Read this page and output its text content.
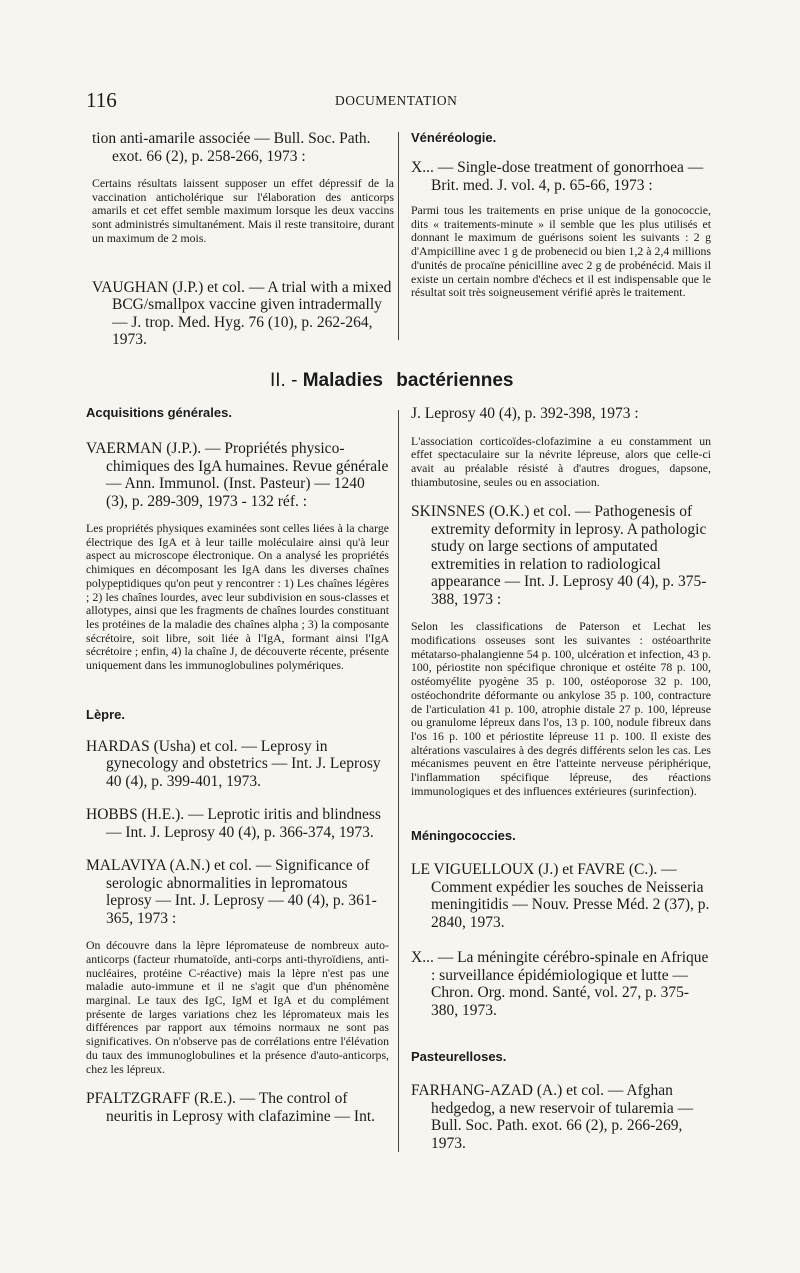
116	DOCUMENTATION

tion anti-amarile associée — Bull. Soc. Path. exot. 66 (2), p. 258-266, 1973 :

Certains résultats laissent supposer un effet dépressif de la vaccination anticholérique sur l'élaboration des anticorps amarils et cet effet semble maximum lorsque les deux vaccins sont administrés simultanément. Mais il reste transitoire, durant un maximum de 2 mois.

VAUGHAN (J.P.) et col. — A trial with a mixed BCG/smallpox vaccine given intradermally — J. trop. Med. Hyg. 76 (10), p. 262-264, 1973.

Vénéréologie.

X... — Single-dose treatment of gonorrhoea — Brit. med. J. vol. 4, p. 65-66, 1973 :

Parmi tous les traitements en prise unique de la gonococcie, dits « traitements-minute » il semble que les plus utilisés et donnant le maximum de guérisons soient les suivants : 2 g d'Ampicilline avec 1 g de probenecid ou bien 1,2 à 2,4 millions d'unités de procaïne pénicilline avec 2 g de probénécid. Mais il existe un certain nombre d'échecs et il est indispensable que le résultat soit très soigneusement vérifié après le traitement.

II. - Maladies bactériennes

Acquisitions générales.

VAERMAN (J.P.). — Propriétés physico-chimiques des IgA humaines. Revue générale — Ann. Immunol. (Inst. Pasteur) — 1240 (3), p. 289-309, 1973 - 132 réf. :

Les propriétés physiques examinées sont celles liées à la charge électrique des IgA et à leur taille moléculaire ainsi qu'à leur aspect au microscope électronique. On a analysé les propriétés chimiques en décomposant les IgA dans les diverses chaînes polypeptidiques qu'on peut y rencontrer : 1) Les chaînes légères ; 2) les chaînes lourdes, avec leur subdivision en sous-classes et allotypes, ainsi que les fragments de chaînes lourdes constituant les protéines de la maladie des chaînes alpha ; 3) la composante sécrétoire, soit libre, soit liée à l'IgA, formant ainsi l'IgA sécrétoire ; enfin, 4) la chaîne J, de découverte récente, présente uniquement dans les immunoglobulines polymériques.

Lèpre.

HARDAS (Usha) et col. — Leprosy in gynecology and obstetrics — Int. J. Leprosy 40 (4), p. 399-401, 1973.

HOBBS (H.E.). — Leprotic iritis and blindness — Int. J. Leprosy 40 (4), p. 366-374, 1973.

MALAVIYA (A.N.) et col. — Significance of serologic abnormalities in lepromatous leprosy — Int. J. Leprosy — 40 (4), p. 361-365, 1973 :

On découvre dans la lèpre lépromateuse de nombreux auto-anticorps (facteur rhumatoïde, anti-corps anti-thyroïdiens, anti-nucléaires, protéine C-réactive) mais la lèpre n'est pas une maladie auto-immune et il ne s'agit que d'un phénomène marginal. Le taux des IgC, IgM et IgA et du complément présente de larges variations chez les lépromateux mais les différences par rapport aux témoins normaux ne sont pas significatives. On n'observe pas de corrélations entre l'élévation du taux des immunoglobulines et la présence d'auto-anticorps, chez les lépreux.

PFALTZGRAFF (R.E.). — The control of neuritis in Leprosy with clafazimine — Int.

J. Leprosy 40 (4), p. 392-398, 1973 :

L'association corticoïdes-clofazimine a eu constamment un effet spectaculaire sur la névrite lépreuse, alors que celle-ci avait au préalable résisté à d'autres drogues, dapsone, thiambutosine, seules ou en association.

SKINSNES (O.K.) et col. — Pathogenesis of extremity deformity in leprosy. A pathologic study on large sections of amputated extremities in relation to radiological appearance — Int. J. Leprosy 40 (4), p. 375-388, 1973 :

Selon les classifications de Paterson et Lechat les modifications osseuses sont les suivantes : ostéoarthrite métatarso-phalangienne 54 p. 100, ulcération et infection, 43 p. 100, périostite non spécifique chronique et ostéite 78 p. 100, ostéomyélite pyogène 35 p. 100, ostéoporose 32 p. 100, ostéochondrite déformante ou ankylose 35 p. 100, contracture de l'articulation 41 p. 100, atrophie distale 27 p. 100, lépreuse ou granulome lépreux dans l'os, 13 p. 100, nodule fibreux dans l'os 16 p. 100 et périostite lépreuse 11 p. 100. Il existe des altérations vasculaires à des degrés différents selon les cas. Les mécanismes peuvent en être l'atteinte nerveuse périphérique, l'inflammation spécifique lépreuse, des réactions immunologiques et des influences extérieures (surinfection).

Méningococcies.

LE VIGUELLOUX (J.) et FAVRE (C.). — Comment expédier les souches de Neisseria meningitidis — Nouv. Presse Méd. 2 (37), p. 2840, 1973.

X... — La méningite cérébro-spinale en Afrique : surveillance épidémiologique et lutte — Chron. Org. mond. Santé, vol. 27, p. 375-380, 1973.

Pasteurelloses.

FARHANG-AZAD (A.) et col. — Afghan hedgedog, a new reservoir of tularemia — Bull. Soc. Path. exot. 66 (2), p. 266-269, 1973.
